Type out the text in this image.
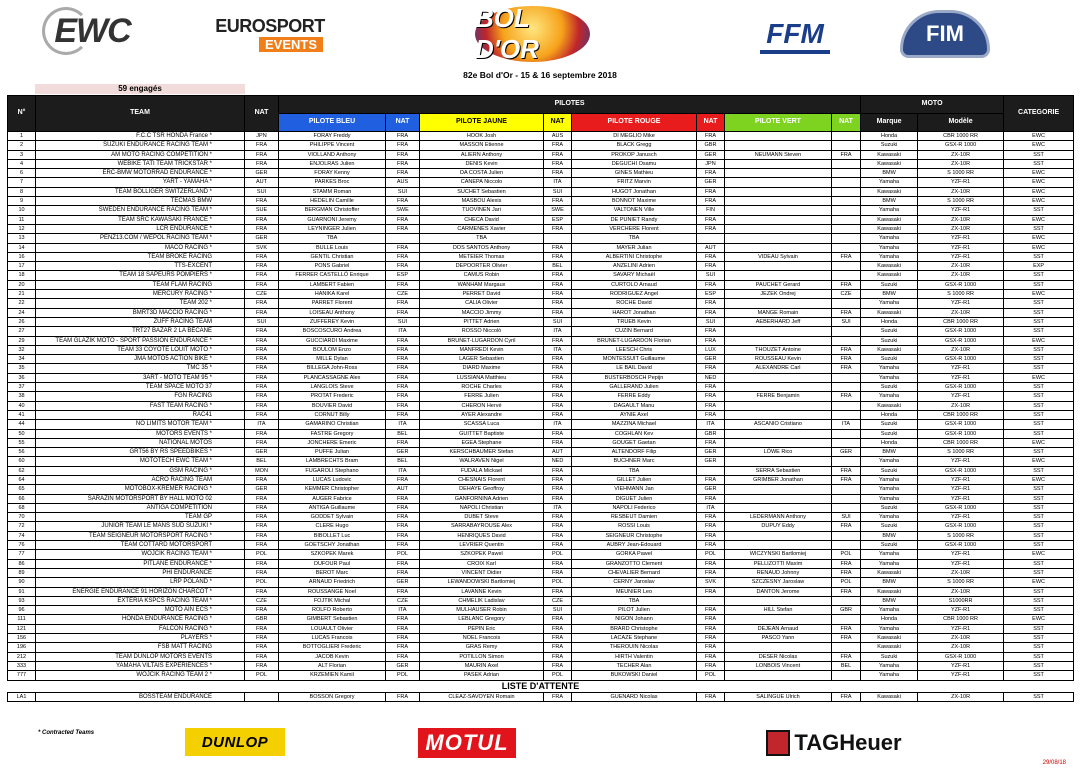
EWC	EUROSPORT
EVENTS
BOL D'OR	FFM	FIM
82e Bol d'Or - 15 & 16 septembre 2018
59 engagés
N°	TEAM	NAT	PILOTES								MOTO		CATEGORIE
			PILOTE BLEU	NAT	PILOTE JAUNE	NAT	PILOTE ROUGE	NAT	PILOTE VERT	NAT	Marque	Modèle	
1	F.C.C TSR HONDA France *	JPN	FORAY Freddy	FRA	HOOK Josh	AUS	DI MEGLIO Mike	FRA			Honda	CBR 1000 RR	EWC
2	SUZUKI ENDURANCE RACING TEAM *	FRA	PHILIPPE Vincent	FRA	MASSON Etienne	FRA	BLACK Gregg	GBR			Suzuki	GSX-R 1000	EWC
3	AM MOTO RACING COMPETITION *	FRA	VIOLLAND Anthony	FRA	ALIERN Anthony	FRA	PROKOP Janusch	GER	NEUMANN Steven	FRA	Kawasaki	ZX-10R	SST
4	WEBIKE TATI TEAM TRICKSTAR *	FRA	ENJOLRAS Julien	FRA	DENIS Kevin	FRA	DEGUCHI Osamu	JPN			Kawasaki	ZX-10R	SST
6	ERC-BMW MOTORRAD ENDURANCE *	GER	FORAY Kenny	FRA	DA COSTA Julien	FRA	GINES Mathieu	FRA			BMW	S 1000 RR	EWC
7	YART - YAMAHA *	AUT	PARKES Broc	AUS	CANEPA Niccolo	ITA	FRITZ Marvin	GER			Yamaha	YZF-R1	EWC
8	TEAM BOLLIGER SWITZERLAND *	SUI	STAMM Roman	SUI	SUCHET Sebastien	SUI	HUGOT Jonathan	FRA			Kawasaki	ZX-10R	EWC
9	TECMAS BMW	FRA	HEDELIN Camille	FRA	MASBOU Alexis	FRA	BONNOT Maxime	FRA			BMW	S 1000 RR	EWC
10	SWEDEN ENDURANCE RACING TEAM *	SUE	BERGMAN Christoffer	SWE	TUOVINEN Jari	SWE	VALTONEN Ville	FIN			Yamaha	YZF-R1	SST
11	TEAM SRC KAWASAKI FRANCE *	FRA	GUARNONI Jeremy	FRA	CHECA David	ESP	DE PUNIET Randy	FRA			Kawasaki	ZX-10R	EWC
12	LCR ENDURANCE *	FRA	LEYNINGER Julien	FRA	CARMENES Xavier	FRA	VERCHERE Florent	FRA			Kawasaki	ZX-10R	SST
13	PENZ13.COM / WEPOL RACING TEAM *	GER	TBA		TBA		TBA				Yamaha	YZF-R1	EWC
14	MACO RACING *	SVK	BULLE Louis	FRA	DOS SANTOS Anthony	FRA	MAYER Julian	AUT			Yamaha	YZF-R1	EWC
16	TEAM BROKE RACING	FRA	GENTIL Christian	FRA	METEIER Thomas	FRA	ALBERTINI Christophe	FRA	VIDEAU Sylvain	FRA	Yamaha	YZF-R1	SST
17	TTS-EXCENT	FRA	PONS Gabriel	FRA	DEPOORTER Olivier	BEL	ANZELINI Adrien	FRA			Kawasaki	ZX-10R	EXP
18	TEAM 18 SAPEURS POMPIERS *	FRA	FERRER CASTELLÓ Enrique	ESP	CAMUS Robin	FRA	SAVARY Michaël	SUI			Kawasaki	ZX-10R	SST
20	TEAM FLAM RACING	FRA	LAMBERT Fabien	FRA	WANHAM Margaux	FRA	CURTOLO Arnaud	FRA	PAUCHET Gerard	FRA	Suzuki	GSX-R 1000	SST
21	MERCURY RACING *	CZE	HANIKA Karel	CZE	PERRET David	FRA	RODRIGUEZ Angel	ESP	JEZEK Ondrej	CZE	BMW	S 1000 RR	EWC
22	TEAM 202 *	FRA	PARRET Florent	FRA	CALIA Olivier	FRA	ROCHE David	FRA			Yamaha	YZF-R1	SST
24	BMRT3D MACCIO RACING *	FRA	LOISEAU Anthony	FRA	MACCIO Jimmy	FRA	HAROT Jonathan	FRA	MANGE Romain	FRA	Kawasaki	ZX-10R	SST
26	ZUFF RACING TEAM	SUI	ZUFFEREY Kevin	SUI	PITTET Adrien	SUI	TRUEB Kevin	SUI	AEBERHARD Jeff	SUI	Honda	CBR 1000 RR	SST
27	TRT27 BAZAR 2 LA BÉCANE	FRA	BOSCOSCURO Andrea	ITA	ROSSO Niccolò	ITA	CUZIN Bernard	FRA			Suzuki	GSX-R 1000	SST
29	TEAM GLAZIK MOTO - SPORT PASSION ENDURANCE *	FRA	GUCCIARDI Maxime	FRA	BRUNET-LUGARDON Cyril	FRA	BRUNET-LUGARDON Florian	FRA			Suzuki	GSX-R 1000	EWC
32	TEAM 33 COYOTE LOUIT MOTO *	FRA	BOULOM Enzo	FRA	MANFREDI Kevin	ITA	LEESCH Chris	LUX	THOUZET Antoine	FRA	Kawasaki	ZX-10R	SST
34	JMA MOTO5 ACTION BIKE *	FRA	MILLE Dylan	FRA	LAGER Sebastien	FRA	MONTESSUIT Guillaume	GER	ROUSSEAU Kevin	FRA	Suzuki	GSX-R 1000	SST
35	TMC 35 *	FRA	BILLEGA John-Ross	FRA	DIARD Maxime	FRA	LE BAIL David	FRA	ALEXANDRE Carl	FRA	Yamaha	YZF-R1	SST
36	3ART - MOTO TEAM 95 *	FRA	PLANCASSAGNE Alex	FRA	LUSSIANA Matthieu	FRA	BUSTERBOSCH Pepijn	NED			Yamaha	YZF-R1	EWC
37	TEAM SPACE MOTO 37	FRA	LANGLOIS Steve	FRA	ROCHE Charles	FRA	GALLERAND Julien	FRA			Suzuki	GSX-R 1000	SST
38	FGN RACING	FRA	PROTAT Frederic	FRA	FERRE Julien	FRA	FERRE Eddy	FRA	FERRE Benjamin	FRA	Yamaha	YZF-R1	SST
40	FAST TEAM RACING *	FRA	BOUVIER David	FRA	CHERON Hervé	FRA	DAGAULT Manu	FRA			Kawasaki	ZX-10R	SST
41	RAC41	FRA	CORNUT Billy	FRA	AYER Alexandre	FRA	AYNIE Axel	FRA			Honda	CBR 1000 RR	SST
44	NO LIMITS MOTOR TEAM *	ITA	GAMARINO Christian	ITA	SCASSA Luca	ITA	MAZZINA Michael	ITA	ASCANIO Cristiano	ITA	Suzuki	GSX-R 1000	SST
50	MOTORS EVENTS *	FRA	FASTRE Gregory	BEL	GUITTET Baptiste	FRA	COGHLAN Kev	GBR			Suzuki	GSX-R 1000	SST
55	NATIONAL MOTOS	FRA	JONCHERE Emeric	FRA	EGEA Stephane	FRA	GOUGET Gaetan	FRA			Honda	CBR 1000 RR	EWC
56	GRT56 BY RS SPEEDBIKES *	GER	PUFFE Julian	GER	KERSCHBAUMER Stefan	AUT	ALTENDORF Filip	GER	LÖWE Rico	GER	BMW	S 1000 RR	SST
60	MOTOTECH EWC TEAM *	BEL	LAMBRECHTS Bram	BEL	WALRAVEN Nigel	NED	BUCHNER Marc	GER			Yamaha	YZF-R1	EWC
62	GSM RACING *	MON	FUGAROLI Stephano	ITA	FUDALA Mickael	FRA	TBA		SERRA Sebastien	FRA	Suzuki	GSX-R 1000	SST
64	ACRO RACING TEAM	FRA	LUCAS Ludovic	FRA	CHESNAIS Florent	FRA	GILLET Julien	FRA	GRIMBER Jonathan	FRA	Yamaha	YZF-R1	EWC
65	MOTOBOX-KREMER RACING *	GER	KEMMER Christopher	AUT	DEHAYE Geoffroy	FRA	VIEHMANN Jan	GER			Yamaha	YZF-R1	SST
66	SARAZIN MOTORSPORT BY HALL MOTO 02	FRA	AUGER Fabrice	FRA	GANFORNINA Adrien	FRA	DIGUET Julien	FRA			Yamaha	YZF-R1	SST
68	ANTIGA COMPETITION	FRA	ANTIGA Guillaume	FRA	NAPOLI Christian	ITA	NAPOLI Federico	ITA			Suzuki	GSX-R 1000	SST
70	TEAM GP	FRA	GODDET Sylvain	FRA	DUBET Steve	FRA	RESBEUT Damien	FRA	LEDERMANN Anthony	SUI	Yamaha	YZF-R1	SST
72	JUNIOR TEAM LE MANS SUD SUZUKI *	FRA	CLERE Hugo	FRA	SARRABAYROUSE Alex	FRA	ROSSI Louis	FRA	DUPUY Eddy	FRA	Suzuki	GSX-R 1000	SST
74	TEAM SEIGNEUR MOTORSPORT RACING *	FRA	BIBOLLET Luc	FRA	HENRIQUES David	FRA	SEIGNEUR Christophe	FRA			BMW	S 1000 RR	SST
76	TEAM COTTARD MOTORSPORT	FRA	GOETSCHY Jonathan	FRA	LEVRIER Quentin	FRA	AUBRY Jean-Edouard	FRA			Suzuki	GSX-R 1000	SST
77	WOJCIK RACING TEAM *	POL	SZKOPEK Marek	POL	SZKOPEK Pawel	POL	GORKA Pawel	POL	WICZYNSKI Bartlomiej	POL	Yamaha	YZF-R1	EWC
86	PITLANE ENDURANCE *	FRA	DUFOUR Paul	FRA	CROIX Karl	FRA	GRANZOTTO Clement	FRA	PELLIZOTTI Maxim	FRA	Yamaha	YZF-R1	SST
89	PHI ENDURANCE	FRA	BEROT Marc	FRA	VINCENT Didier	FRA	CHEVALIER Bernard	FRA	RENAUD Johnny	FRA	Kawasaki	ZX-10R	SST
90	LRP POLAND *	POL	ARNAUD Friedrich	GER	LEWANDOWSKI Bartlomiej	POL	CERNY Jaroslav	SVK	SZCZESNY Jaroslaw	POL	BMW	S 1000 RR	EWC
91	ENERGIE ENDURANCE 91 HORIZON CHARCOT *	FRA	ROUSSANGE Noel	FRA	LAVANNE Kevin	FRA	MEUNIER Leo	FRA	DANTON Jerome	FRA	Kawasaki	ZX-10R	SST
93	EXTÉRIA KSPCS RACING TEAM *	CZE	FOJTIK Michal	CZE	CHMELIK Ladislav	CZE	TBA				BMW	S1000RR	SST
96	MOTO AIN ECS *	FRA	ROLFO Roberto	ITA	MULHAUSER Robin	SUI	PILOT Julien	FRA	HILL Stefan	GBR	Yamaha	YZF-R1	SST
111	HONDA ENDURANCE RACING *	GBR	GIMBERT Sebastien	FRA	LEBLANC Gregory	FRA	NIGON Johann	FRA			Honda	CBR 1000 RR	EWC
121	FALCON RACING *	FRA	LOUAULT Olivier	FRA	PEPIN Eric	FRA	BRARD Christophe	FRA	DEJEAN Arnaud	FRA	Yamaha	YZF-R1	SST
156	PLAYERS *	FRA	LUCAS Francois	FRA	NOEL Francois	FRA	LACAZE Stephane	FRA	PASCO Yann	FRA	Kawasaki	ZX-10R	SST
196	FSB MATT RACING	FRA	BOTTOGLIERI Frederic	FRA	GRAS Remy	FRA	THEROUIN Nicolas	FRA			Kawasaki	ZX-10R	SST
212	TEAM DUNLOP MOTORS EVENTS	FRA	JACOB Kevin	FRA	POTILLON Simon	FRA	HIRTH Valentin	FRA	DESER Nicolas	FRA	Suzuki	GSX-R 1000	SST
333	YAMAHA VILTAIS EXPERIENCES *	FRA	ALT Florian	GER	MAURIN Axel	FRA	TECHER Alan	FRA	LONBOIS Vincent	BEL	Yamaha	YZF-R1	SST
777	WOJCIK RACING TEAM 2 *	POL	KRZEMIEN Kamil	POL	PASEK Adrian	POL	BUKOWSKI Daniel	POL			Yamaha	YZF-R1	SST
LISTE D'ATTENTE													
LA1	BOSSTEAM ENDURANCE		BOSSON Gregory	FRA	CLEAZ-SAVOYEN Romain	FRA	GUENARD Nicolas	FRA	SALINGUE Ulrich	FRA	Kawasaki	ZX-10R	SST
* Contracted Teams
DUNLOP	MOTUL	TAGHeuer
29/08/18
